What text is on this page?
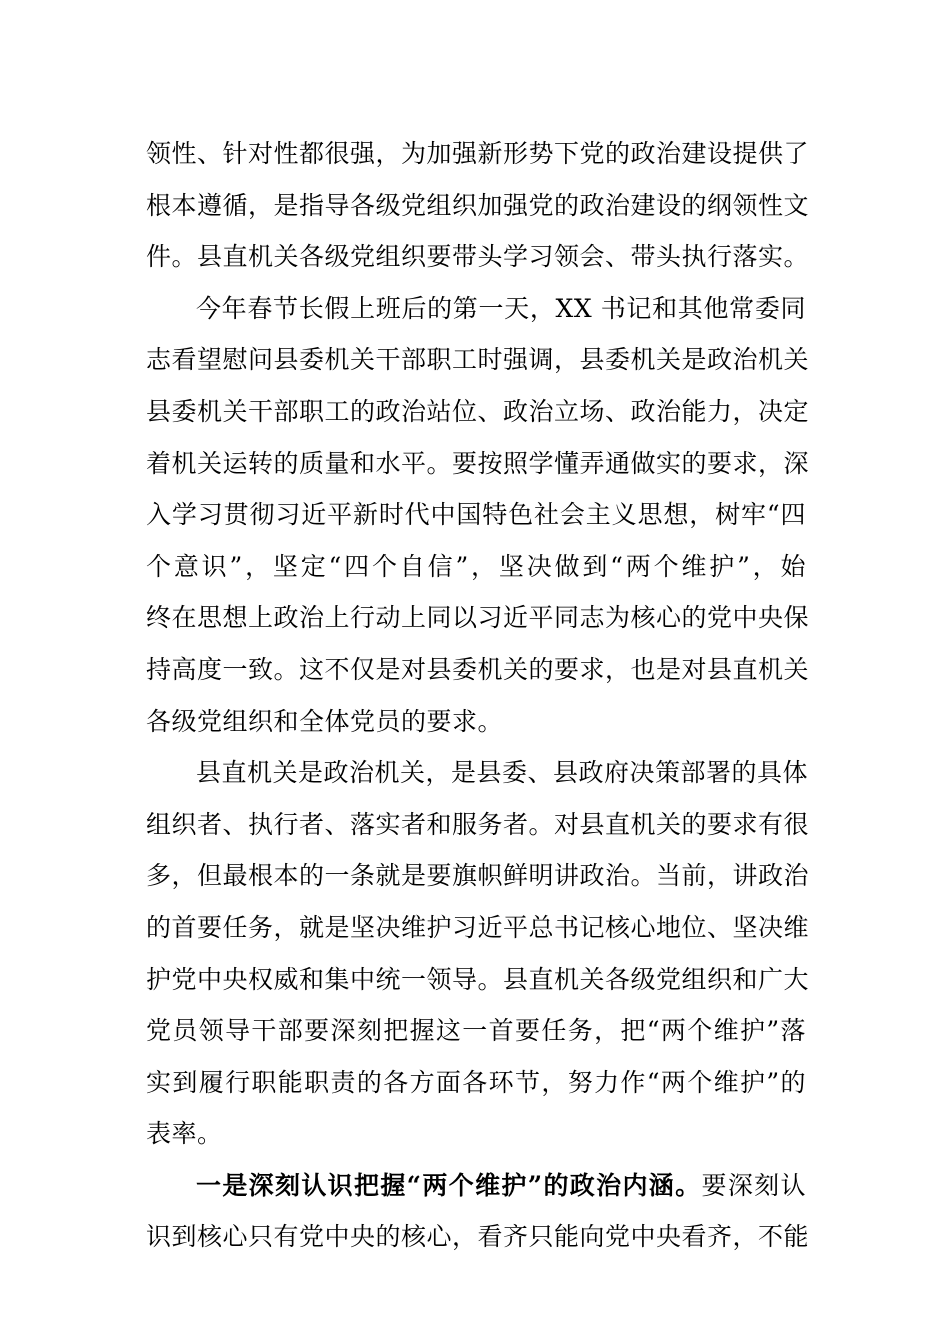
领性、针对性都很强，为加强新形势下党的政治建设提供了
根本遵循，是指导各级党组织加强党的政治建设的纲领性文
件。县直机关各级党组织要带头学习领会、带头执行落实。
今年春节长假上班后的第一天，XX 书记和其他常委同
志看望慰问县委机关干部职工时强调，县委机关是政治机关
县委机关干部职工的政治站位、政治立场、政治能力，决定
着机关运转的质量和水平。要按照学懂弄通做实的要求，深
入学习贯彻习近平新时代中国特色社会主义思想，树牢“四
个意识”，坚定“四个自信”，坚决做到“两个维护”，始
终在思想上政治上行动上同以习近平同志为核心的党中央保
持高度一致。这不仅是对县委机关的要求，也是对县直机关
各级党组织和全体党员的要求。
县直机关是政治机关，是县委、县政府决策部署的具体
组织者、执行者、落实者和服务者。对县直机关的要求有很
多，但最根本的一条就是要旗帜鲜明讲政治。当前，讲政治
的首要任务，就是坚决维护习近平总书记核心地位、坚决维
护党中央权威和集中统一领导。县直机关各级党组织和广大
党员领导干部要深刻把握这一首要任务，把“两个维护”落
实到履行职能职责的各方面各环节，努力作“两个维护”的
表率。
一是深刻认识把握“两个维护”的政治内涵。要深刻认
识到核心只有党中央的核心，看齐只能向党中央看齐，不能
